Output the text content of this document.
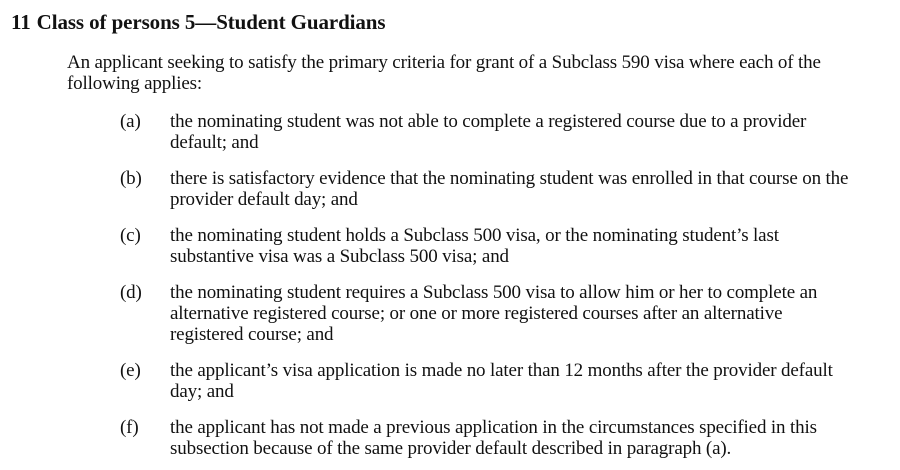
11 Class of persons 5—Student Guardians
An applicant seeking to satisfy the primary criteria for grant of a Subclass 590 visa where each of the following applies:
(a) the nominating student was not able to complete a registered course due to a provider default; and
(b) there is satisfactory evidence that the nominating student was enrolled in that course on the provider default day; and
(c) the nominating student holds a Subclass 500 visa, or the nominating student’s last substantive visa was a Subclass 500 visa; and
(d) the nominating student requires a Subclass 500 visa to allow him or her to complete an alternative registered course; or one or more registered courses after an alternative registered course; and
(e) the applicant’s visa application is made no later than 12 months after the provider default day; and
(f) the applicant has not made a previous application in the circumstances specified in this subsection because of the same provider default described in paragraph (a).
